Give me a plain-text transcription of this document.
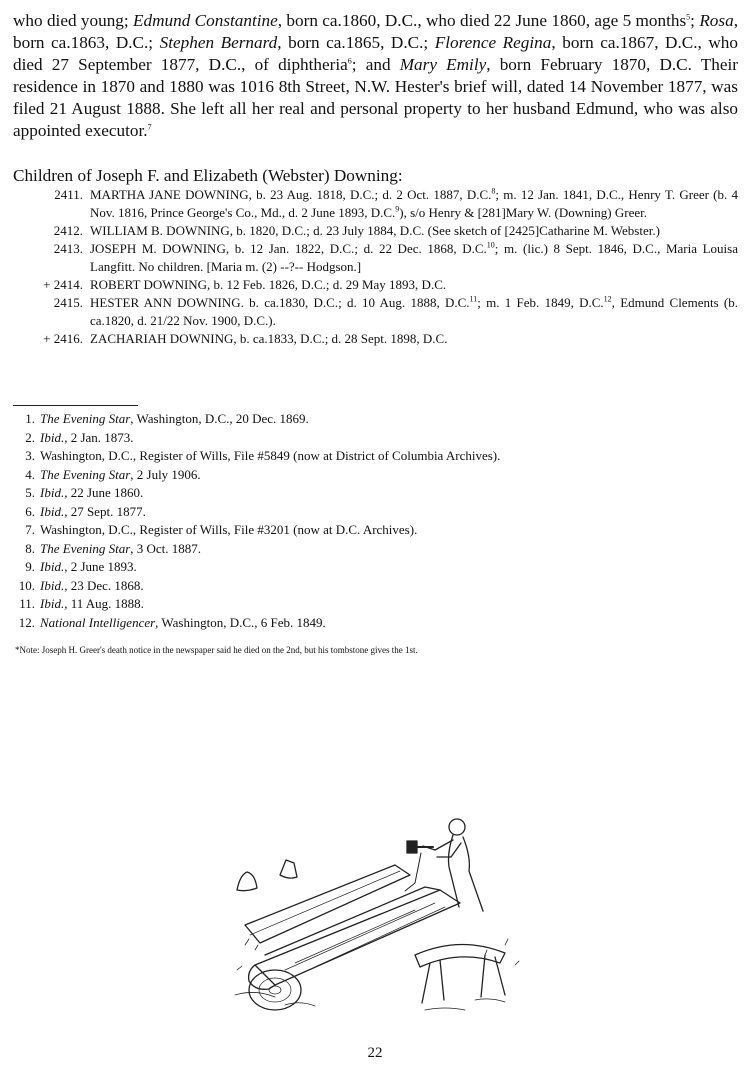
who died young; Edmund Constantine, born ca.1860, D.C., who died 22 June 1860, age 5 months$^5$; Rosa, born ca.1863, D.C.; Stephen Bernard, born ca.1865, D.C.; Florence Regina, born ca.1867, D.C., who died 27 September 1877, D.C., of diphtheria$^6$; and Mary Emily, born February 1870, D.C. Their residence in 1870 and 1880 was 1016 8th Street, N.W. Hester's brief will, dated 14 November 1877, was filed 21 August 1888. She left all her real and personal property to her husband Edmund, who was also appointed executor.$^7$

Children of Joseph F. and Elizabeth (Webster) Downing:

2411. MARTHA JANE DOWNING, b. 23 Aug. 1818, D.C.; d. 2 Oct. 1887, D.C.$^8$; m. 12 Jan. 1841, D.C., Henry T. Greer (b. 4 Nov. 1816, Prince George's Co., Md., d. 2 June 1893, D.C.$^9$), s/o Henry & [281]Mary W. (Downing) Greer.
2412. WILLIAM B. DOWNING, b. 1820, D.C.; d. 23 July 1884, D.C. (See sketch of [2425]Catharine M. Webster.)
2413. JOSEPH M. DOWNING, b. 12 Jan. 1822, D.C.; d. 22 Dec. 1868, D.C.$^{10}$; m. (lic.) 8 Sept. 1846, D.C., Maria Louisa Langfitt. No children. [Maria m. (2) --?-- Hodgson.]
+ 2414. ROBERT DOWNING, b. 12 Feb. 1826, D.C.; d. 29 May 1893, D.C.
2415. HESTER ANN DOWNING. b. ca.1830, D.C.; d. 10 Aug. 1888, D.C.$^{11}$; m. 1 Feb. 1849, D.C.$^{12}$, Edmund Clements (b. ca.1820, d. 21/22 Nov. 1900, D.C.).
+ 2416. ZACHARIAH DOWNING, b. ca.1833, D.C.; d. 28 Sept. 1898, D.C.
1. The Evening Star, Washington, D.C., 20 Dec. 1869.
2. Ibid., 2 Jan. 1873.
3. Washington, D.C., Register of Wills, File #5849 (now at District of Columbia Archives).
4. The Evening Star, 2 July 1906.
5. Ibid., 22 June 1860.
6. Ibid., 27 Sept. 1877.
7. Washington, D.C., Register of Wills, File #3201 (now at D.C. Archives).
8. The Evening Star, 3 Oct. 1887.
9. Ibid., 2 June 1893.
10. Ibid., 23 Dec. 1868.
11. Ibid., 11 Aug. 1888.
12. National Intelligencer, Washington, D.C., 6 Feb. 1849.
*Note: Joseph H. Greer's death notice in the newspaper said he died on the 2nd, but his tombstone gives the 1st.
22
